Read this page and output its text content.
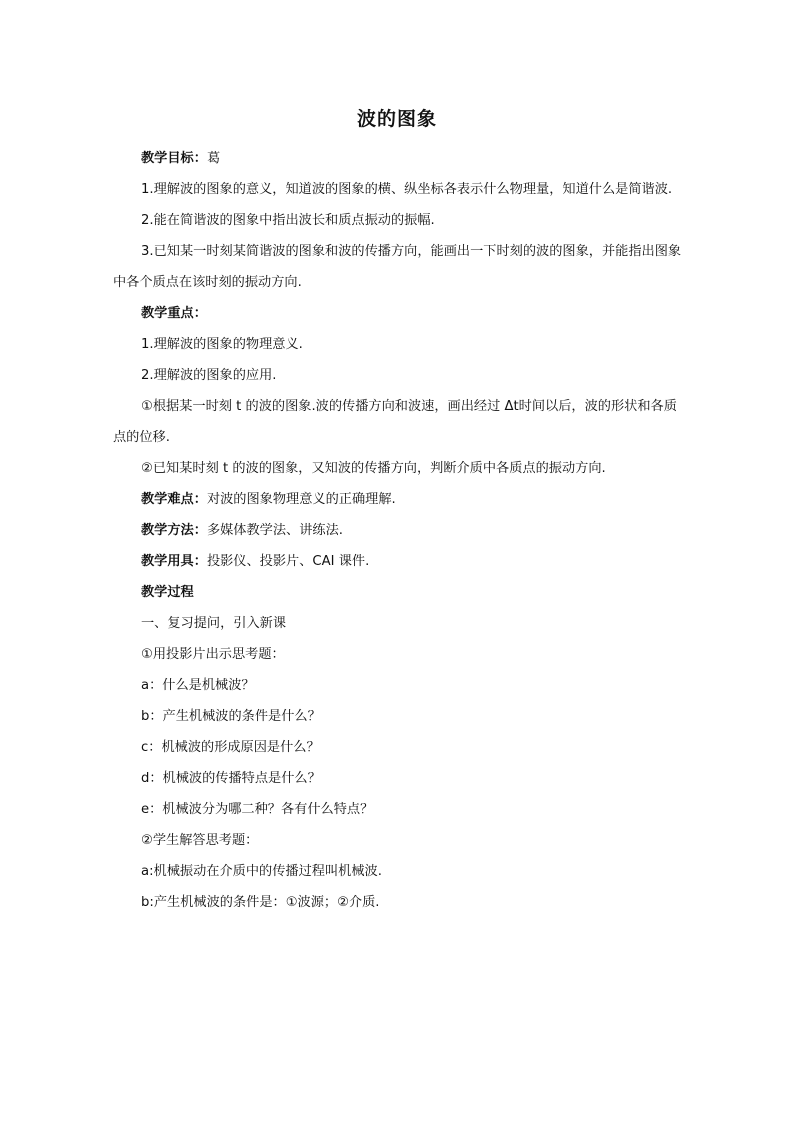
波的图象

教学目标：葛

1.理解波的图象的意义，知道波的图象的横、纵坐标各表示什么物理量，知道什么是简谐波.

2.能在简谐波的图象中指出波长和质点振动的振幅.

3.已知某一时刻某简谐波的图象和波的传播方向，能画出一下时刻的波的图象，并能指出图象中各个质点在该时刻的振动方向.

教学重点：

1.理解波的图象的物理意义.

2.理解波的图象的应用.

①根据某一时刻 t 的波的图象.波的传播方向和波速，画出经过 Δt时间以后，波的形状和各质点的位移.

②已知某时刻 t 的波的图象，又知波的传播方向，判断介质中各质点的振动方向.

教学难点：对波的图象物理意义的正确理解.

教学方法：多媒体教学法、讲练法.

教学用具：投影仪、投影片、CAI 课件.

教学过程

一、复习提问，引入新课

①用投影片出示思考题：

a：什么是机械波？

b：产生机械波的条件是什么？

c：机械波的形成原因是什么？

d：机械波的传播特点是什么？

e：机械波分为哪二种？各有什么特点？

②学生解答思考题：

a:机械振动在介质中的传播过程叫机械波.

b:产生机械波的条件是：①波源；②介质.
